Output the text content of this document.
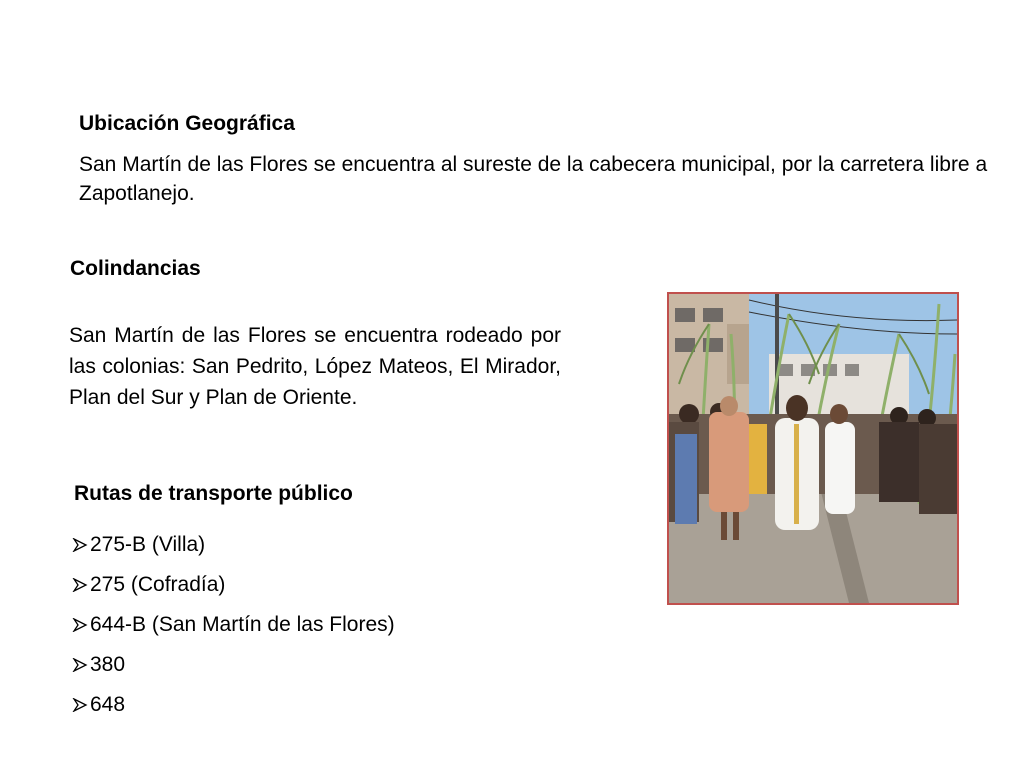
Ubicación Geográfica
San Martín de las Flores se encuentra al sureste de la cabecera municipal, por la carretera libre a Zapotlanejo.
Colindancias
San Martín de las Flores se encuentra rodeado por las colonias: San Pedrito, López Mateos, El Mirador, Plan del Sur y Plan de Oriente.
Rutas de transporte público
275-B (Villa)
275 (Cofradía)
644-B (San Martín de las Flores)
380
648
